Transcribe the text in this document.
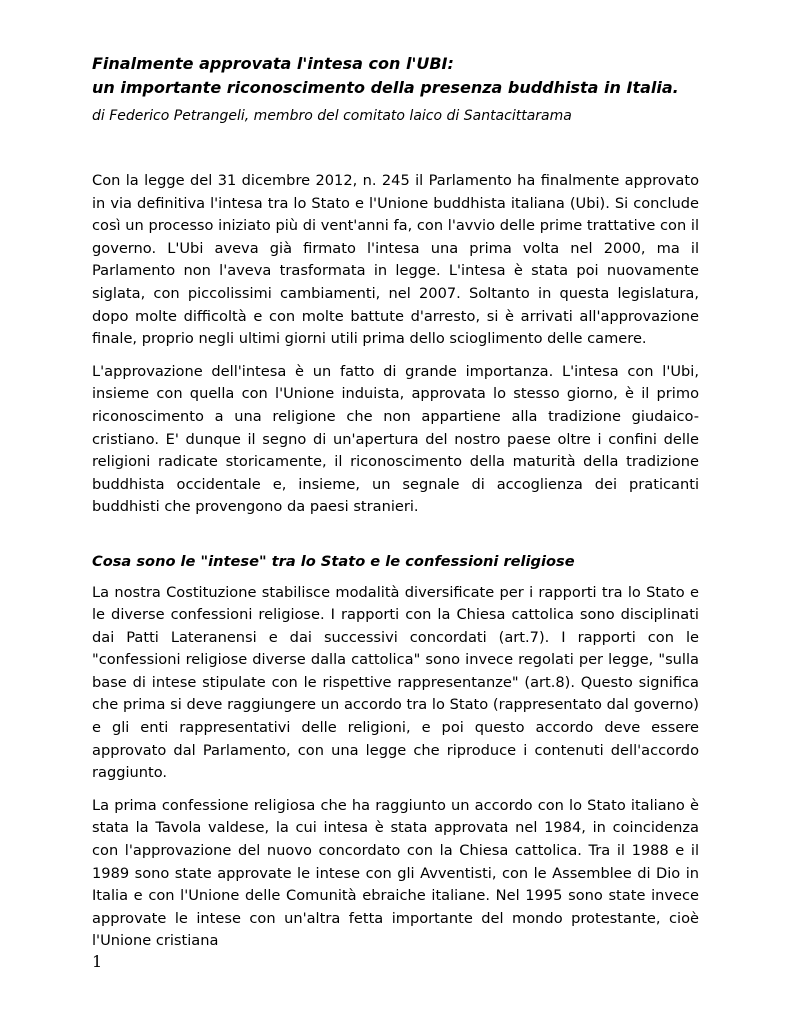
Finalmente approvata l'intesa con l'UBI:
un importante riconoscimento della presenza buddhista in Italia.

di Federico Petrangeli, membro del comitato laico di Santacittarama

Con la legge del 31 dicembre 2012, n. 245 il Parlamento ha finalmente approvato in via definitiva l'intesa tra lo Stato e l'Unione buddhista italiana (Ubi). Si conclude così un processo iniziato più di vent'anni fa, con l'avvio delle prime trattative con il governo. L'Ubi aveva già firmato l'intesa una prima volta nel 2000, ma il Parlamento non l'aveva trasformata in legge. L'intesa è stata poi nuovamente siglata, con piccolissimi cambiamenti, nel 2007. Soltanto in questa legislatura, dopo molte difficoltà e con molte battute d'arresto, si è arrivati all'approvazione finale, proprio negli ultimi giorni utili prima dello scioglimento delle camere.

L'approvazione dell'intesa è un fatto di grande importanza. L'intesa con l'Ubi, insieme con quella con l'Unione induista, approvata lo stesso giorno, è il primo riconoscimento a una religione che non appartiene alla tradizione giudaico-cristiano. E' dunque il segno di un'apertura del nostro paese oltre i confini delle religioni radicate storicamente, il riconoscimento della maturità della tradizione buddhista occidentale e, insieme, un segnale di accoglienza dei praticanti buddhisti che provengono da paesi stranieri.

Cosa sono le "intese" tra lo Stato e le confessioni religiose

La nostra Costituzione stabilisce modalità diversificate per i rapporti tra lo Stato e le diverse confessioni religiose. I rapporti con la Chiesa cattolica sono disciplinati dai Patti Lateranensi e dai successivi concordati (art.7). I rapporti con le "confessioni religiose diverse dalla cattolica" sono invece regolati per legge, "sulla base di intese stipulate con le rispettive rappresentanze" (art.8). Questo significa che prima si deve raggiungere un accordo tra lo Stato (rappresentato dal governo) e gli enti rappresentativi delle religioni, e poi questo accordo deve essere approvato dal Parlamento, con una legge che riproduce i contenuti dell'accordo raggiunto.

La prima confessione religiosa che ha raggiunto un accordo con lo Stato italiano è stata la Tavola valdese, la cui intesa è stata approvata nel 1984, in coincidenza con l'approvazione del nuovo concordato con la Chiesa cattolica. Tra il 1988 e il 1989 sono state approvate le intese con gli Avventisti, con le Assemblee di Dio in Italia e con l'Unione delle Comunità ebraiche italiane. Nel 1995 sono state invece approvate le intese con un'altra fetta importante del mondo protestante, cioè l'Unione cristiana

1
